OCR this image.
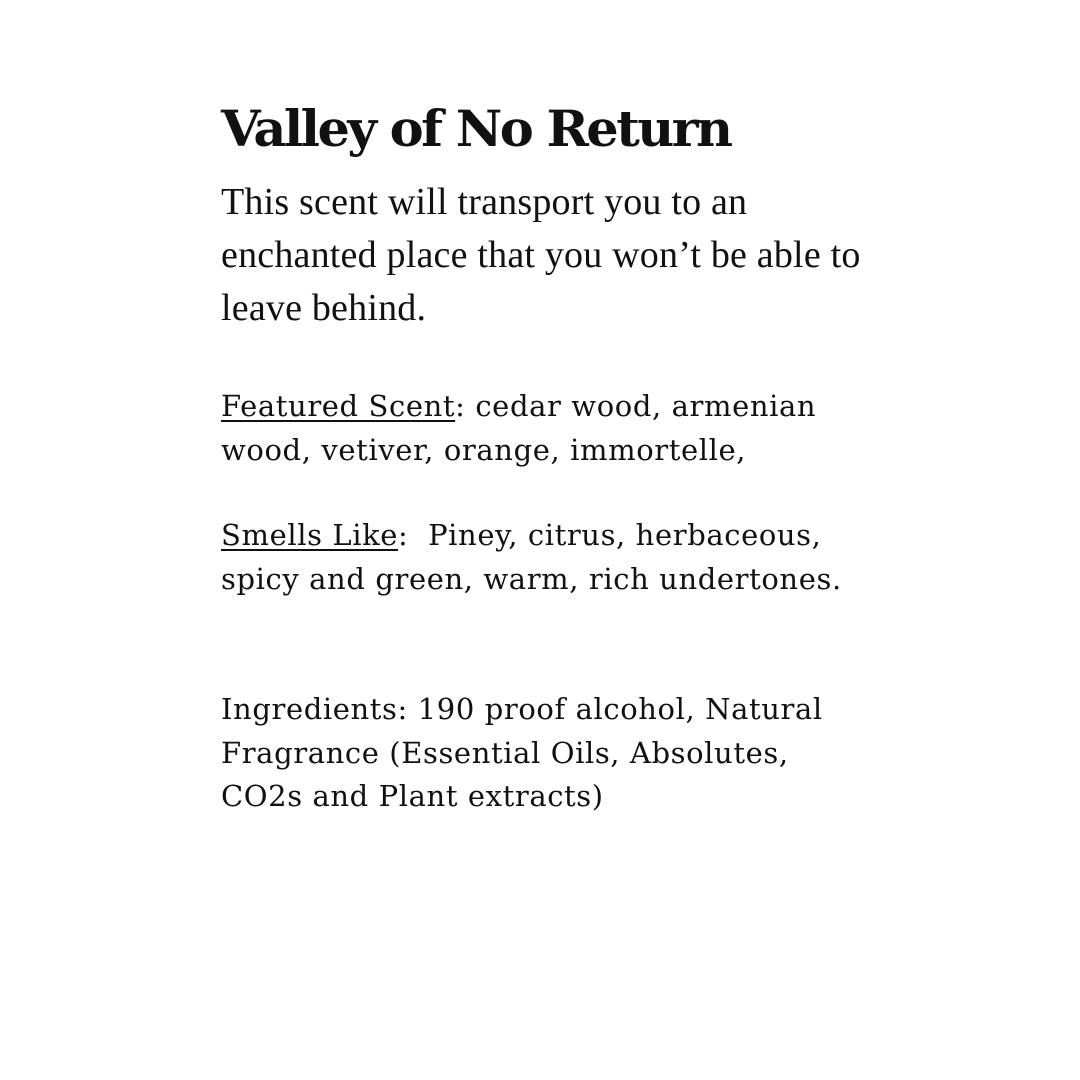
Valley of No Return

This scent will transport you to an enchanted place that you won’t be able to leave behind.

Featured Scent: cedar wood, armenian wood, vetiver, orange, immortelle,

Smells Like:  Piney, citrus, herbaceous, spicy and green, warm, rich undertones.

Ingredients: 190 proof alcohol, Natural Fragrance (Essential Oils, Absolutes, CO2s and Plant extracts)
